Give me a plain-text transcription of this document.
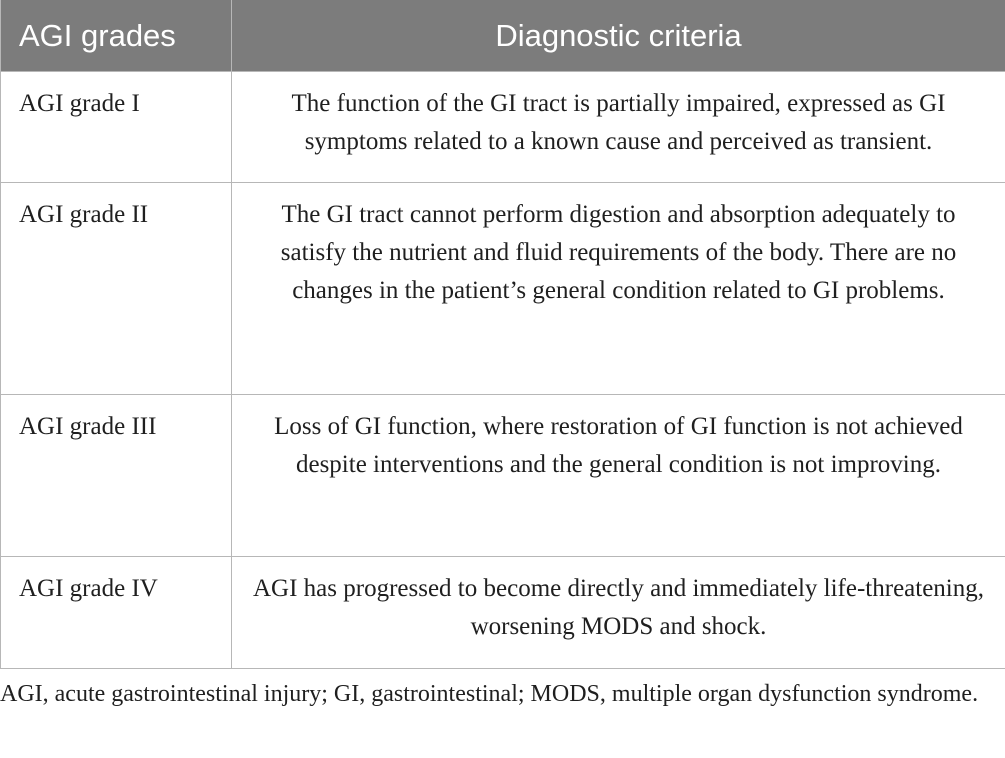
AGI grades	Diagnostic criteria
AGI grade I	The function of the GI tract is partially impaired, expressed as GI symptoms related to a known cause and perceived as transient.
AGI grade II	The GI tract cannot perform digestion and absorption adequately to satisfy the nutrient and fluid requirements of the body. There are no changes in the patient’s general condition related to GI problems.
AGI grade III	Loss of GI function, where restoration of GI function is not achieved despite interventions and the general condition is not improving.
AGI grade IV	AGI has progressed to become directly and immediately life-threatening, worsening MODS and shock.

AGI, acute gastrointestinal injury; GI, gastrointestinal; MODS, multiple organ dysfunction syndrome.
